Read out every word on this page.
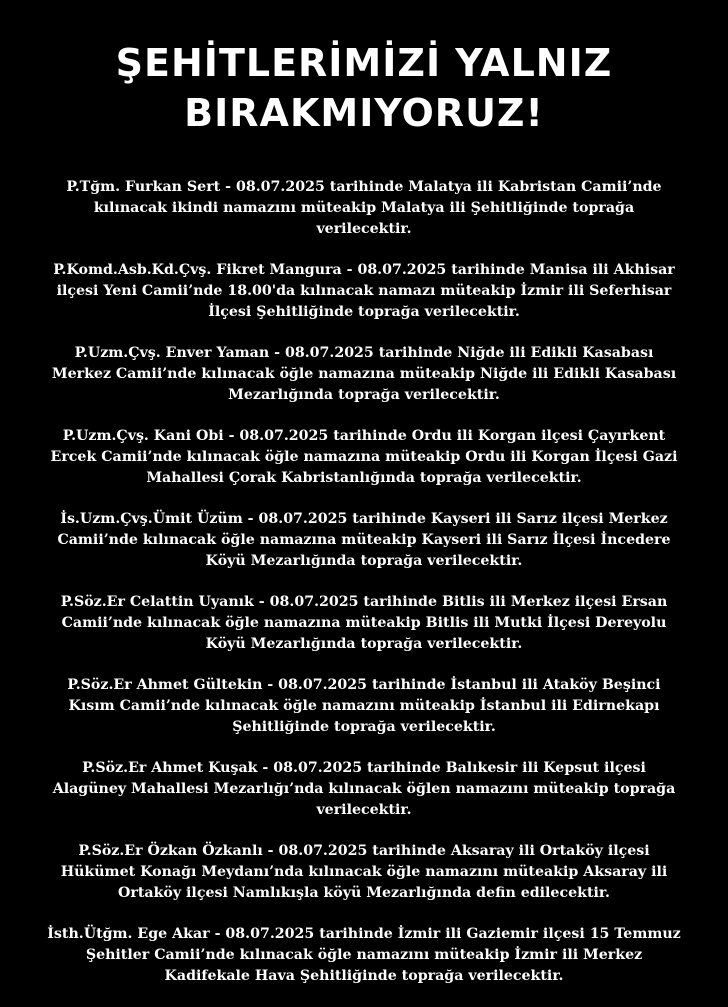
ŞEHİTLERİMİZİ YALNIZ
BIRAKMIYORUZ!

P.Tğm. Furkan Sert - 08.07.2025 tarihinde Malatya ili Kabristan Camii’nde
kılınacak ikindi namazını müteakip Malatya ili Şehitliğinde toprağa
verilecektir.

P.Komd.Asb.Kd.Çvş. Fikret Mangura - 08.07.2025 tarihinde Manisa ili Akhisar
ilçesi Yeni Camii’nde 18.00'da kılınacak namazı müteakip İzmir ili Seferhisar
İlçesi Şehitliğinde toprağa verilecektir.

P.Uzm.Çvş. Enver Yaman - 08.07.2025 tarihinde Niğde ili Edikli Kasabası
Merkez Camii’nde kılınacak öğle namazına müteakip Niğde ili Edikli Kasabası
Mezarlığında toprağa verilecektir.

P.Uzm.Çvş. Kani Obi - 08.07.2025 tarihinde Ordu ili Korgan ilçesi Çayırkent
Ercek Camii’nde kılınacak öğle namazına müteakip Ordu ili Korgan İlçesi Gazi
Mahallesi Çorak Kabristanlığında toprağa verilecektir.

İs.Uzm.Çvş.Ümit Üzüm - 08.07.2025 tarihinde Kayseri ili Sarız ilçesi Merkez
Camii’nde kılınacak öğle namazına müteakip Kayseri ili Sarız İlçesi İncedere
Köyü Mezarlığında toprağa verilecektir.

P.Söz.Er Celattin Uyanık - 08.07.2025 tarihinde Bitlis ili Merkez ilçesi Ersan
Camii’nde kılınacak öğle namazına müteakip Bitlis ili Mutki İlçesi Dereyolu
Köyü Mezarlığında toprağa verilecektir.

P.Söz.Er Ahmet Gültekin - 08.07.2025 tarihinde İstanbul ili Ataköy Beşinci
Kısım Camii’nde kılınacak öğle namazını müteakip İstanbul ili Edirnekapı
Şehitliğinde toprağa verilecektir.

P.Söz.Er Ahmet Kuşak - 08.07.2025 tarihinde Balıkesir ili Kepsut ilçesi
Alagüney Mahallesi Mezarlığı’nda kılınacak öğlen namazını müteakip toprağa
verilecektir.

P.Söz.Er Özkan Özkanlı - 08.07.2025 tarihinde Aksaray ili Ortaköy ilçesi
Hükümet Konağı Meydanı’nda kılınacak öğle namazını müteakip Aksaray ili
Ortaköy ilçesi Namlıkışla köyü Mezarlığında defin edilecektir.

İsth.Ütğm. Ege Akar - 08.07.2025 tarihinde İzmir ili Gaziemir ilçesi 15 Temmuz
Şehitler Camii’nde kılınacak öğle namazını müteakip İzmir ili Merkez
Kadifekale Hava Şehitliğinde toprağa verilecektir.
